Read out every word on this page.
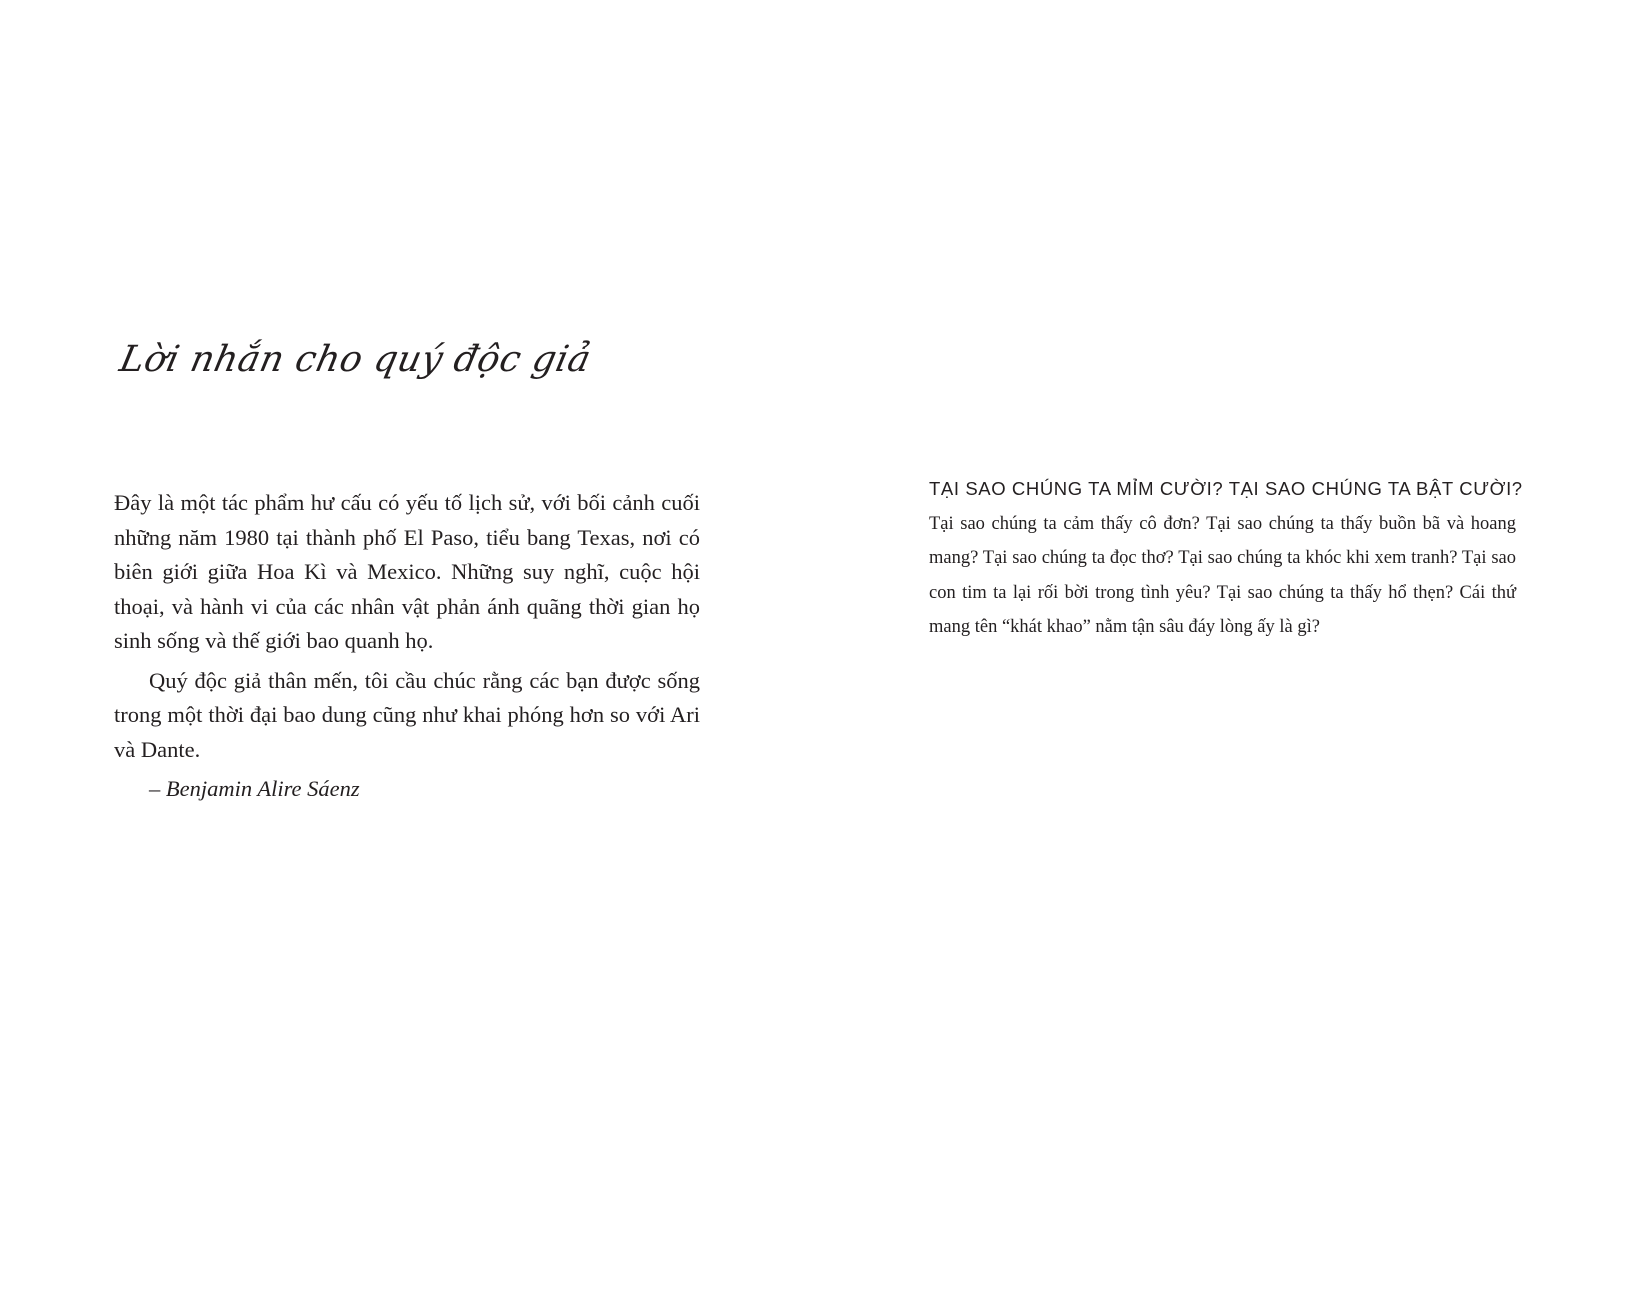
Lời nhắn cho quý độc giả

Đây là một tác phẩm hư cấu có yếu tố lịch sử, với bối cảnh cuối những năm 1980 tại thành phố El Paso, tiểu bang Texas, nơi có biên giới giữa Hoa Kì và Mexico. Những suy nghĩ, cuộc hội thoại, và hành vi của các nhân vật phản ánh quãng thời gian họ sinh sống và thế giới bao quanh họ.

Quý độc giả thân mến, tôi cầu chúc rằng các bạn được sống trong một thời đại bao dung cũng như khai phóng hơn so với Ari và Dante.

– Benjamin Alire Sáenz

TẠI SAO CHÚNG TA MỈM CƯỜI? TẠI SAO CHÚNG TA BẬT CƯỜI?

Tại sao chúng ta cảm thấy cô đơn? Tại sao chúng ta thấy buồn bã và hoang mang? Tại sao chúng ta đọc thơ? Tại sao chúng ta khóc khi xem tranh? Tại sao con tim ta lại rối bời trong tình yêu? Tại sao chúng ta thấy hổ thẹn? Cái thứ mang tên “khát khao” nằm tận sâu đáy lòng ấy là gì?
